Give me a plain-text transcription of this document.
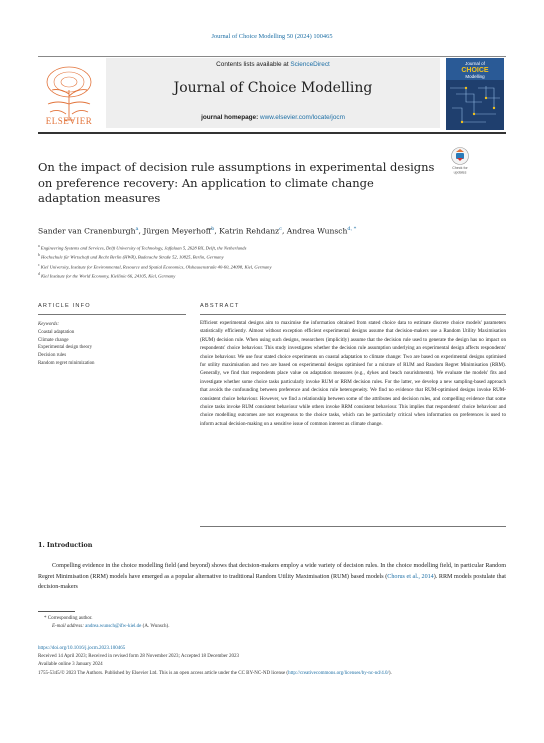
Journal of Choice Modelling 50 (2024) 100465
ELSEVIER
Contents lists available at ScienceDirect
Journal of Choice Modelling
journal homepage: www.elsevier.com/locate/jocm
Journal of
CHOICE
Modelling
Check for
updates
On the impact of decision rule assumptions in experimental designs on preference recovery: An application to climate change adaptation measures
Sander van Cranenburgh$^a$, Jürgen Meyerhoff$^b$, Katrin Rehdanz$^c$, Andrea Wunsch$^{d, *}$
$^a$ Engineering Systems and Services, Delft University of Technology, Jaffalaan 5, 2628 BX, Delft, the Netherlands
$^b$ Hochschule für Wirtschaft und Recht Berlin (HWR), Badensche Straße 52, 10825, Berlin, Germany
$^c$ Kiel University, Institute for Environmental, Resource and Spatial Economics, Olshausenstraße 40-60, 24098, Kiel, Germany
$^d$ Kiel Institute for the World Economy, Kiellinie 66, 24105, Kiel, Germany
ARTICLE INFO	ABSTRACT
Keywords:
Coastal adaptation
Climate change
Experimental design theory
Decision rules
Random regret minimization
Efficient experimental designs aim to maximise the information obtained from stated choice data to estimate discrete choice models' parameters statistically efficiently. Almost without exception efficient experimental designs assume that decision-makers use a Random Utility Maximisation (RUM) decision rule. When using such designs, researchers (implicitly) assume that the decision rule used to generate the design has no impact on respondents' choice behaviour. This study investigates whether the decision rule assumption underlying an experimental design affects respondents' choice behaviour. We use four stated choice experiments on coastal adaptation to climate change: Two are based on experimental designs optimised for utility maximisation and two are based on experimental designs optimised for a mixture of RUM and Random Regret Minimisation (RRM). Generally, we find that respondents place value on adaptation measures (e.g., dykes and beach nourishments). We evaluate the models' fits and investigate whether some choice tasks particularly invoke RUM or RRM decision rules. For the latter, we develop a new sampling-based approach that avoids the confounding between preference and decision rule heterogeneity. We find no evidence that RUM-optimised designs invoke RUM-consistent choice behaviour. However, we find a relationship between some of the attributes and decision rules, and compelling evidence that some choice tasks invoke RUM consistent behaviour while others invoke RRM consistent behaviour. This implies that respondents' choice behaviour and choice modelling outcomes are not exogenous to the choice tasks, which can be particularly critical when information on preferences is used to inform actual decision-making on a sensitive issue of common interest as climate change.
1. Introduction

Compelling evidence in the choice modelling field (and beyond) shows that decision-makers employ a wide variety of decision rules. In the choice modelling field, in particular Random Regret Minimisation (RRM) models have emerged as a popular alternative to traditional Random Utility Maximisation (RUM) based models (Chorus et al., 2014). RRM models postulate that decision-makers

* Corresponding author.
E-mail address: andrea.wunsch@ifw-kiel.de (A. Wunsch).
https://doi.org/10.1016/j.jocm.2023.100465
Received 14 April 2023; Received in revised form 28 November 2023; Accepted 18 December 2023
Available online 3 January 2024
1755-5345/© 2023 The Authors. Published by Elsevier Ltd. This is an open access article under the CC BY-NC-ND license (http://creativecommons.org/licenses/by-nc-nd/4.0/).
